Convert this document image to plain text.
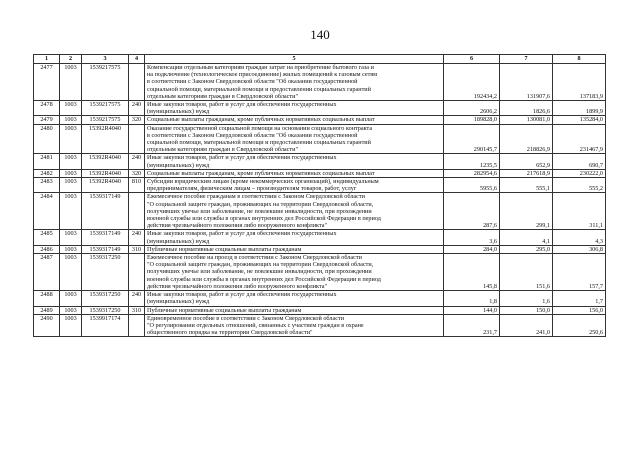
140
1	2	3	4	5	6	7	8
2477	1003	1539217575		Компенсации отдельным категориям граждан затрат на приобретение бытового газа и
на подключение (технологическое присоединение) жилых помещений к газовым сетям
в соответствии с Законом Свердловской области "Об оказании государственной
социальной помощи, материальной помощи и предоставлении социальных гарантий
отдельным категориям граждан в Свердловской области"	192434,2	131907,6	137183,9
2478	1003	1539217575	240	Иные закупки товаров, работ и услуг для обеспечения государственных
(муниципальных) нужд	2606,2	1826,6	1899,9
2479	1003	1539217575	320	Социальные выплаты гражданам, кроме публичных нормативных социальных выплат	189828,0	130081,0	135284,0
2480	1003	15392R4040		Оказание государственной социальной помощи на основании социального контракта
в соответствии с Законом Свердловской области "Об оказании государственной
социальной помощи, материальной помощи и предоставлении социальных гарантий
отдельным категориям граждан в Свердловской области"	290145,7	218826,9	231467,9
2481	1003	15392R4040	240	Иные закупки товаров, работ и услуг для обеспечения государственных
(муниципальных) нужд	1235,5	652,9	690,7
2482	1003	15392R4040	320	Социальные выплаты гражданам, кроме публичных нормативных социальных выплат	282954,6	217618,9	230222,0
2483	1003	15392R4040	810	Субсидии юридическим лицам (кроме некоммерческих организаций), индивидуальным
предпринимателям, физическим лицам – производителям товаров, работ, услуг	5955,6	555,1	555,2
2484	1003	1539317149		Ежемесячное пособие гражданам в соответствии с Законом Свердловской области
"О социальной защите граждан, проживающих на территории Свердловской области,
получивших увечье или заболевание, не повлекшие инвалидности, при прохождении
военной службы или службы в органах внутренних дел Российской Федерации в период
действия чрезвычайного положения либо вооруженного конфликта"	287,6	299,1	311,1
2485	1003	1539317149	240	Иные закупки товаров, работ и услуг для обеспечения государственных
(муниципальных) нужд	3,6	4,1	4,3
2486	1003	1539317149	310	Публичные нормативные социальные выплаты гражданам	284,0	295,0	306,8
2487	1003	1539317250		Ежемесячное пособие на проезд в соответствии с Законом Свердловской области
"О социальной защите граждан, проживающих на территории Свердловской области,
получивших увечье или заболевание, не повлекшие инвалидности, при прохождении
военной службы или службы в органах внутренних дел Российской Федерации в период
действия чрезвычайного положения либо вооруженного конфликта"	145,8	151,6	157,7
2488	1003	1539317250	240	Иные закупки товаров, работ и услуг для обеспечения государственных
(муниципальных) нужд	1,8	1,6	1,7
2489	1003	1539317250	310	Публичные нормативные социальные выплаты гражданам	144,0	150,0	156,0
2490	1003	1539917174		Единовременное пособие в соответствии с Законом Свердловской области
"О регулировании отдельных отношений, связанных с участием граждан в охране
общественного порядка на территории Свердловской области"	231,7	241,0	250,6
